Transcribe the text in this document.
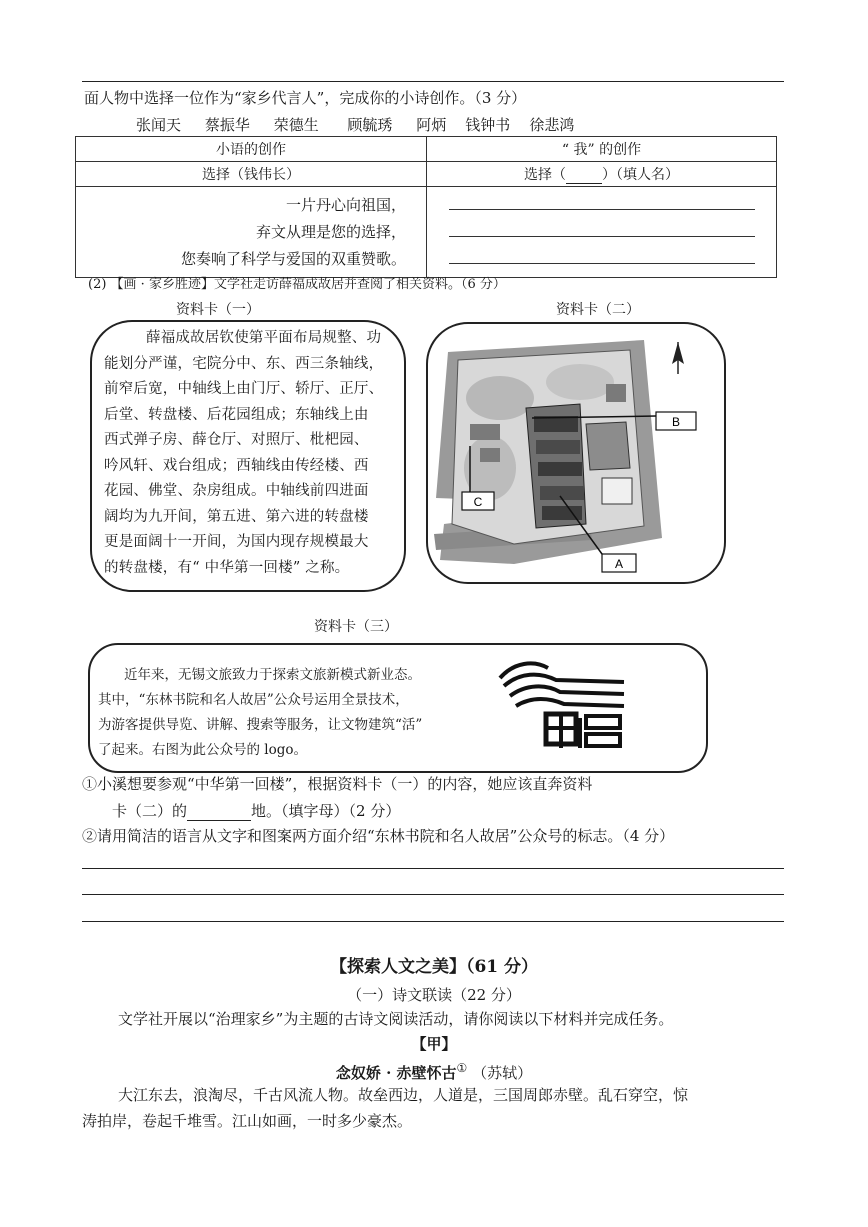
面人物中选择一位作为“家乡代言人”，完成你的小诗创作。（3 分）
张闻天 蔡振华 荣德生 顾毓琇 阿炳 钱钟书 徐悲鸿
小语的创作	“ 我” 的创作
选择（钱伟长）	选择（ ）（填人名）

一片丹心向祖国，
弃文从理是您的选择，
您奏响了科学与爱国的双重赞歌。	

(2) 【画 · 家乡胜迹】文学社走访薛福成故居并查阅了相关资料。（6 分）
资料卡（一）
薛福成故居钦使第平面布局规整、功
能划分严谨，宅院分中、东、西三条轴线，
前窄后宽，中轴线上由门厅、轿厅、正厅、
后堂、转盘楼、后花园组成；东轴线上由
西式弹子房、薛仓厅、对照厅、枇杷园、
吟风轩、戏台组成；西轴线由传经楼、西
花园、佛堂、杂房组成。中轴线前四进面
阔均为九开间，第五进、第六进的转盘楼
更是面阔十一开间，为国内现存规模最大
的转盘楼，有“ 中华第一回楼” 之称。
资料卡（二）
B
A
C
资料卡（三）
近年来，无锡文旅致力于探索文旅新模式新业态。
其中，“东林书院和名人故居”公众号运用全景技术，
为游客提供导览、讲解、搜索等服务，让文物建筑“活”
了起来。右图为此公众号的 logo。
①小溪想要参观“中华第一回楼”，根据资料卡（一）的内容，她应该直奔资料
卡（二）的	地。（填字母）（2 分）
②请用简洁的语言从文字和图案两方面介绍“东林书院和名人故居”公众号的标志。（4 分）
【探索人文之美】（61 分）
（一）诗文联读（22 分）
文学社开展以“治理家乡”为主题的古诗文阅读活动，请你阅读以下材料并完成任务。
【甲】
念奴娇 · 赤壁怀古① （苏轼）
大江东去，浪淘尽，千古风流人物。故垒西边，人道是，三国周郎赤壁。乱石穿空，惊
涛拍岸，卷起千堆雪。江山如画，一时多少豪杰。
